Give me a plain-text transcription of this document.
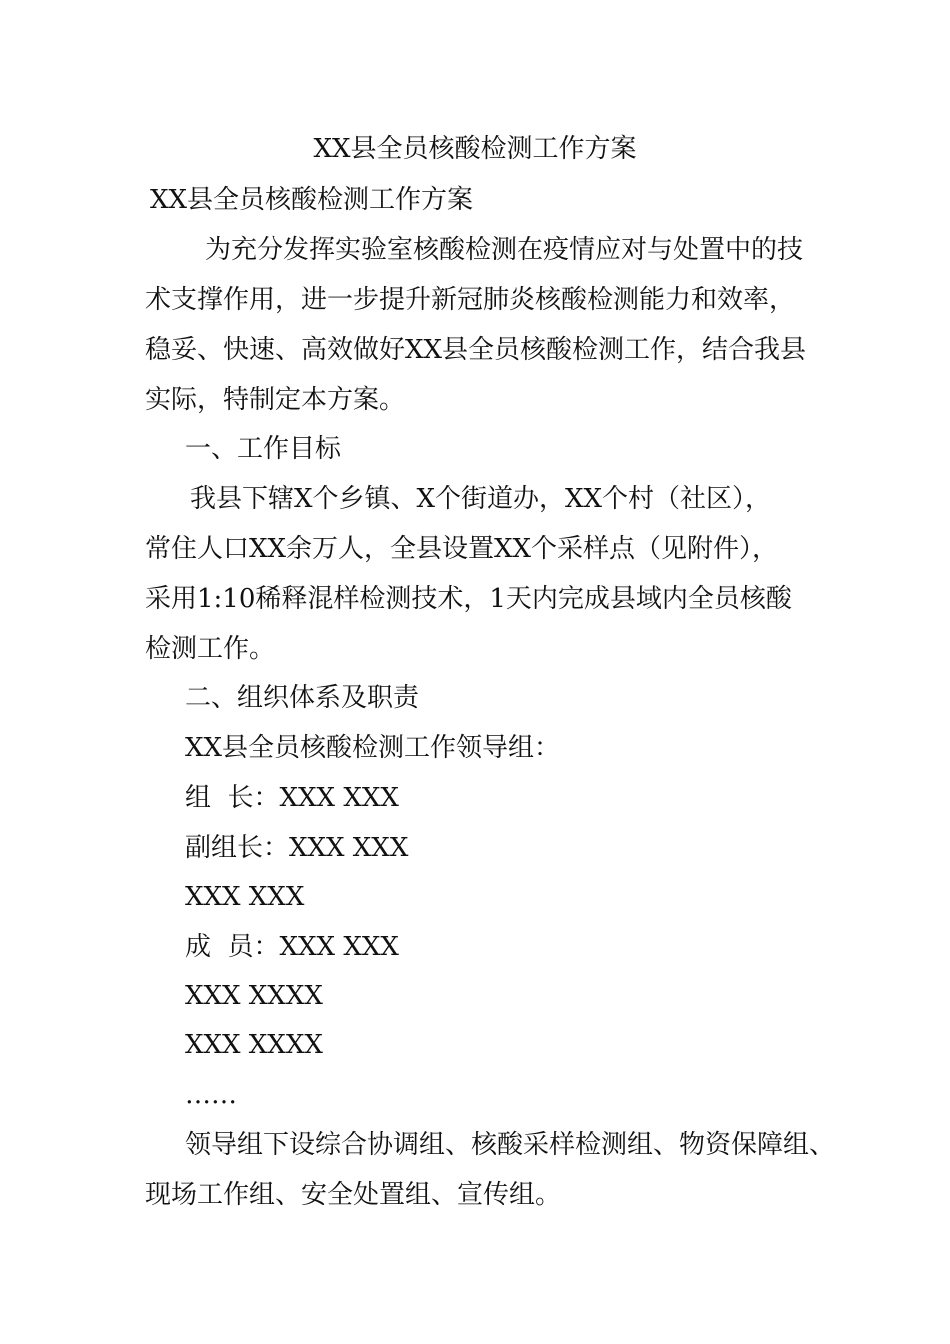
XX县全员核酸检测工作方案
XX县全员核酸检测工作方案
为充分发挥实验室核酸检测在疫情应对与处置中的技
术支撑作用，进一步提升新冠肺炎核酸检测能力和效率，
稳妥、快速、高效做好XX县全员核酸检测工作，结合我县
实际，特制定本方案。
一、工作目标
我县下辖X个乡镇、X个街道办，XX个村（社区），
常住人口XX余万人，全县设置XX个采样点（见附件），
采用1:10稀释混样检测技术，1天内完成县域内全员核酸
检测工作。
二、组织体系及职责
XX县全员核酸检测工作领导组：
组  长：XXX XXX
副组长：XXX XXX
XXX XXX
成  员：XXX XXX
XXX XXXX
XXX XXXX
……
领导组下设综合协调组、核酸采样检测组、物资保障组、
现场工作组、安全处置组、宣传组。
